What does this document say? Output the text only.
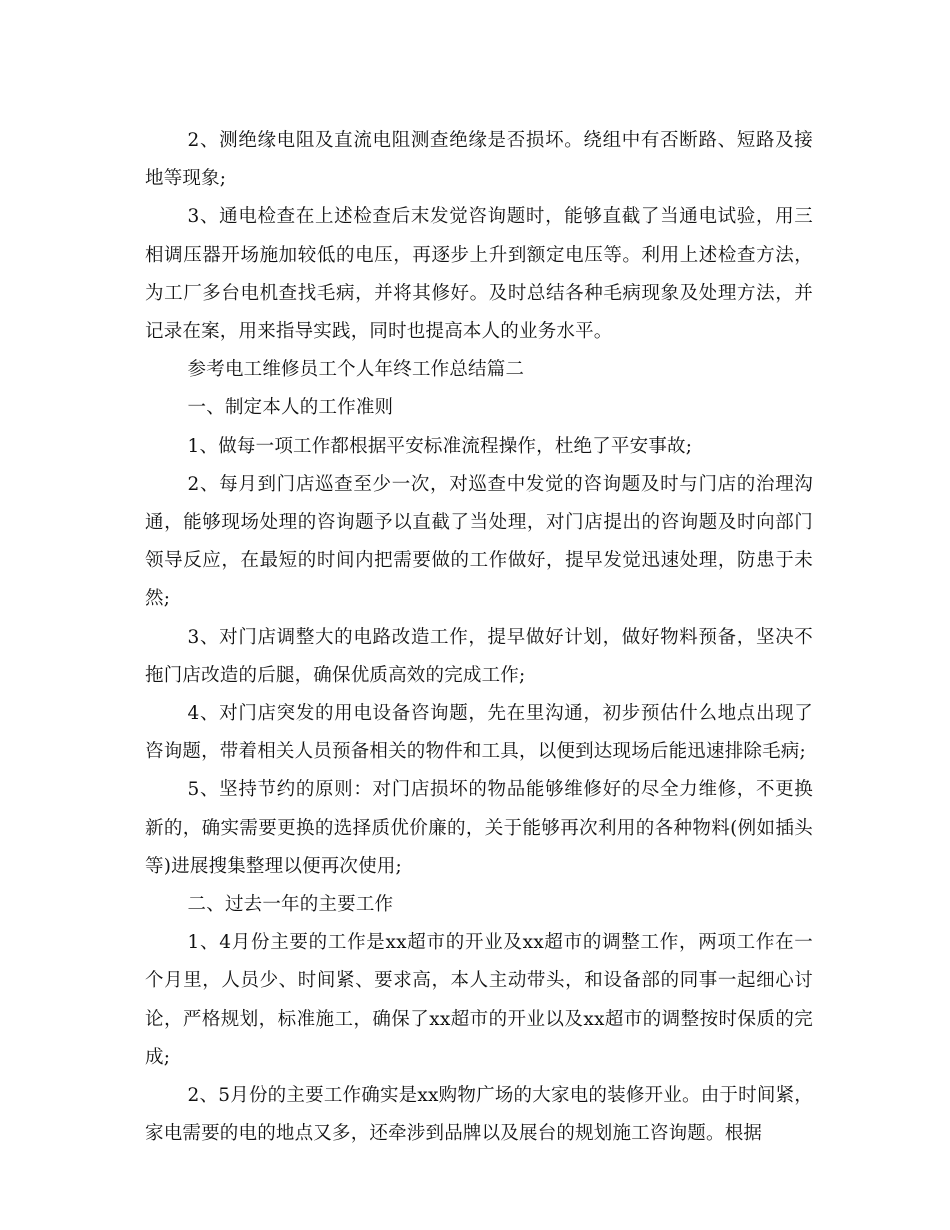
2、测绝缘电阻及直流电阻测查绝缘是否损坏。绕组中有否断路、短路及接地等现象;

3、通电检查在上述检查后末发觉咨询题时，能够直截了当通电试验，用三相调压器开场施加较低的电压，再逐步上升到额定电压等。利用上述检查方法，为工厂多台电机查找毛病，并将其修好。及时总结各种毛病现象及处理方法，并记录在案，用来指导实践，同时也提高本人的业务水平。

参考电工维修员工个人年终工作总结篇二

一、制定本人的工作准则

1、做每一项工作都根据平安标准流程操作，杜绝了平安事故;

2、每月到门店巡查至少一次，对巡查中发觉的咨询题及时与门店的治理沟通，能够现场处理的咨询题予以直截了当处理，对门店提出的咨询题及时向部门领导反应，在最短的时间内把需要做的工作做好，提早发觉迅速处理，防患于未然;

3、对门店调整大的电路改造工作，提早做好计划，做好物料预备，坚决不拖门店改造的后腿，确保优质高效的完成工作;

4、对门店突发的用电设备咨询题，先在里沟通，初步预估什么地点出现了咨询题，带着相关人员预备相关的物件和工具，以便到达现场后能迅速排除毛病;

5、坚持节约的原则：对门店损坏的物品能够维修好的尽全力维修，不更换新的，确实需要更换的选择质优价廉的，关于能够再次利用的各种物料(例如插头等)进展搜集整理以便再次使用;

二、过去一年的主要工作

1、4月份主要的工作是xx超市的开业及xx超市的调整工作，两项工作在一个月里，人员少、时间紧、要求高，本人主动带头，和设备部的同事一起细心讨论，严格规划，标准施工，确保了xx超市的开业以及xx超市的调整按时保质的完成;

2、5月份的主要工作确实是xx购物广场的大家电的装修开业。由于时间紧，家电需要的电的地点又多，还牵涉到品牌以及展台的规划施工咨询题。根据
